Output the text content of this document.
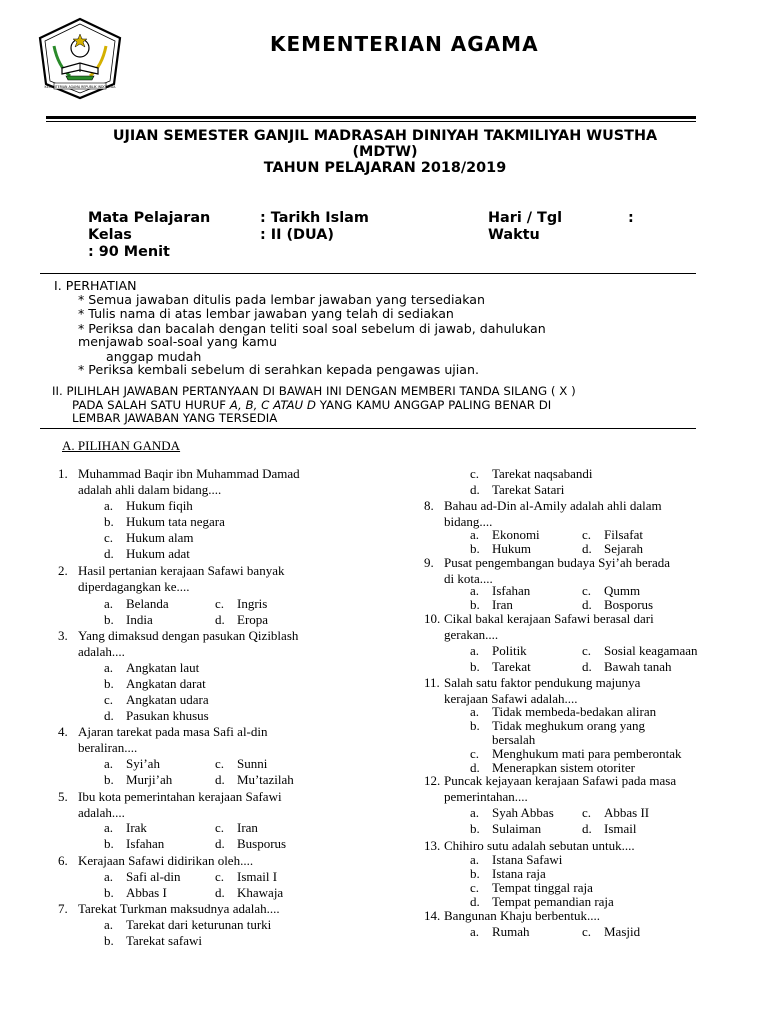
KEMENTERIAN AGAMA REPUBLIK INDONESIA
KEMENTERIAN AGAMA
UJIAN SEMESTER GANJIL MADRASAH DINIYAH TAKMILIYAH WUSTHA
(MDTW)
TAHUN PELAJARAN 2018/2019
Mata Pelajaran	: Tarikh Islam	Hari / Tgl	:
Kelas	: II (DUA)	Waktu
: 90 Menit
I. PERHATIAN
* Semua jawaban ditulis pada lembar jawaban yang tersediakan
* Tulis nama di atas lembar jawaban yang telah di sediakan
* Periksa dan bacalah dengan teliti soal soal sebelum di jawab, dahulukan
menjawab soal-soal yang kamu
anggap mudah
* Periksa kembali sebelum di serahkan kepada pengawas ujian.
II. PILIHLAH JAWABAN PERTANYAAN DI BAWAH INI DENGAN MEMBERI TANDA SILANG ( X )
PADA SALAH SATU HURUF A, B, C ATAU D YANG KAMU ANGGAP PALING BENAR DI
LEMBAR JAWABAN YANG TERSEDIA
A. PILIHAN GANDA
1. Muhammad Baqir ibn Muhammad Damad
adalah ahli dalam bidang....
a. Hukum fiqih
b. Hukum tata negara
c. Hukum alam
d. Hukum adat
2. Hasil pertanian kerajaan Safawi banyak
diperdagangkan ke....
a. Belanda	c. Ingris
b. India	d. Eropa
3. Yang dimaksud dengan pasukan Qiziblash
adalah....
a. Angkatan laut
b. Angkatan darat
c. Angkatan udara
d. Pasukan khusus
4. Ajaran tarekat pada masa Safi al-din
beraliran....
a. Syi’ah	c. Sunni
b. Murji’ah	d. Mu’tazilah
5. Ibu kota pemerintahan kerajaan Safawi
adalah....
a. Irak	c. Iran
b. Isfahan	d. Busporus
6. Kerajaan Safawi didirikan oleh....
a. Safi al-din	c. Ismail I
b. Abbas I	d. Khawaja
7. Tarekat Turkman maksudnya adalah....
a. Tarekat dari keturunan turki
b. Tarekat safawi
c. Tarekat naqsabandi
d. Tarekat Satari
8. Bahau ad-Din al-Amily adalah ahli dalam
bidang....
a. Ekonomi	c. Filsafat
b. Hukum	d. Sejarah
9. Pusat pengembangan budaya Syi’ah berada
di kota....
a. Isfahan	c. Qumm
b. Iran	d. Bosporus
10. Cikal bakal kerajaan Safawi berasal dari
gerakan....
a. Politik	c. Sosial keagamaan
b. Tarekat	d. Bawah tanah
11. Salah satu faktor pendukung majunya
kerajaan Safawi adalah....
a. Tidak membeda-bedakan aliran
b. Tidak meghukum orang yang
bersalah
c. Menghukum mati para pemberontak
d. Menerapkan sistem otoriter
12. Puncak kejayaan kerajaan Safawi pada masa
pemerintahan....
a. Syah Abbas c. Abbas II
b. Sulaiman	d. Ismail
13. Chihiro sutu adalah sebutan untuk....
a. Istana Safawi
b. Istana raja
c. Tempat tinggal raja
d. Tempat pemandian raja
14. Bangunan Khaju berbentuk....
a. Rumah	c. Masjid
